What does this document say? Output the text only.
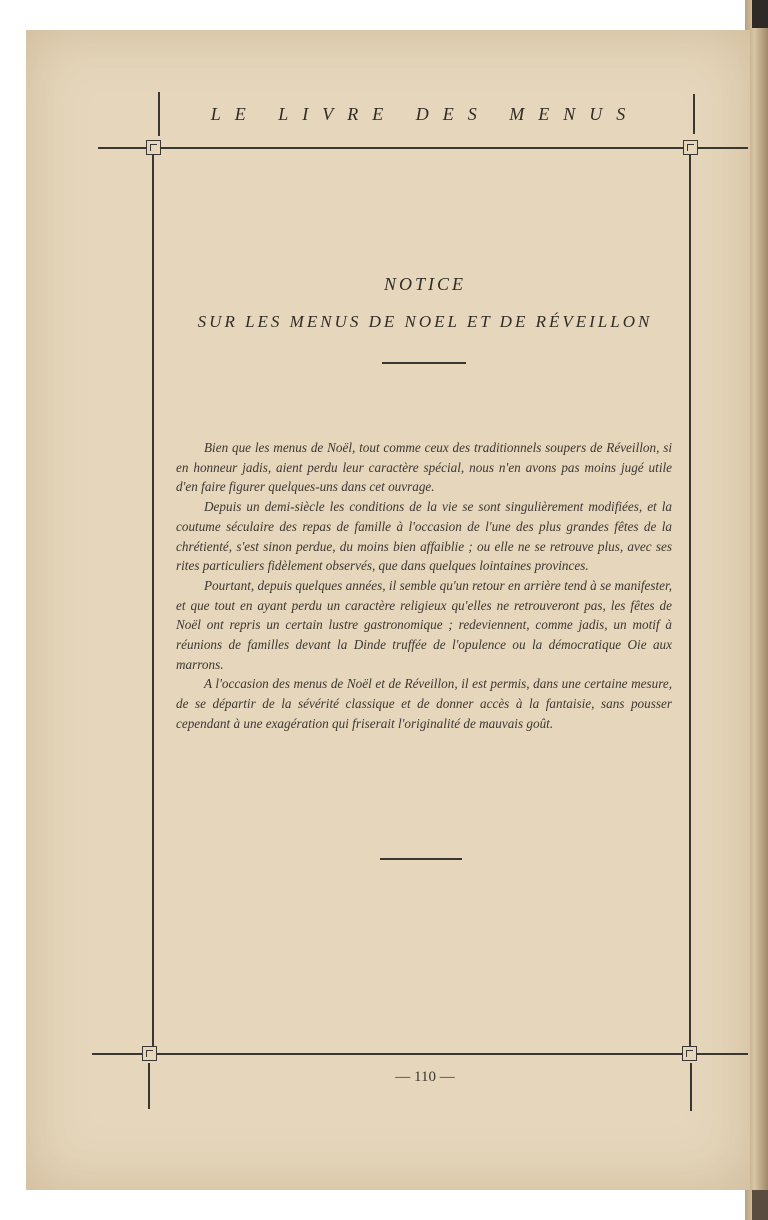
LE LIVRE DES MENUS
NOTICE
SUR LES MENUS DE NOEL ET DE RÉVEILLON

Bien que les menus de Noël, tout comme ceux des traditionnels soupers de Réveillon, si en honneur jadis, aient perdu leur caractère spécial, nous n'en avons pas moins jugé utile d'en faire figurer quelques-uns dans cet ouvrage.

Depuis un demi-siècle les conditions de la vie se sont singulièrement modifiées, et la coutume séculaire des repas de famille à l'occasion de l'une des plus grandes fêtes de la chrétienté, s'est sinon perdue, du moins bien affaiblie ; ou elle ne se retrouve plus, avec ses rites particuliers fidèlement observés, que dans quelques lointaines provinces.

Pourtant, depuis quelques années, il semble qu'un retour en arrière tend à se manifester, et que tout en ayant perdu un caractère religieux qu'elles ne retrouveront pas, les fêtes de Noël ont repris un certain lustre gastronomique ; redeviennent, comme jadis, un motif à réunions de familles devant la Dinde truffée de l'opulence ou la démocratique Oie aux marrons.

A l'occasion des menus de Noël et de Réveillon, il est permis, dans une certaine mesure, de se départir de la sévérité classique et de donner accès à la fantaisie, sans pousser cependant à une exagération qui friserait l'originalité de mauvais goût.

— 110 —
